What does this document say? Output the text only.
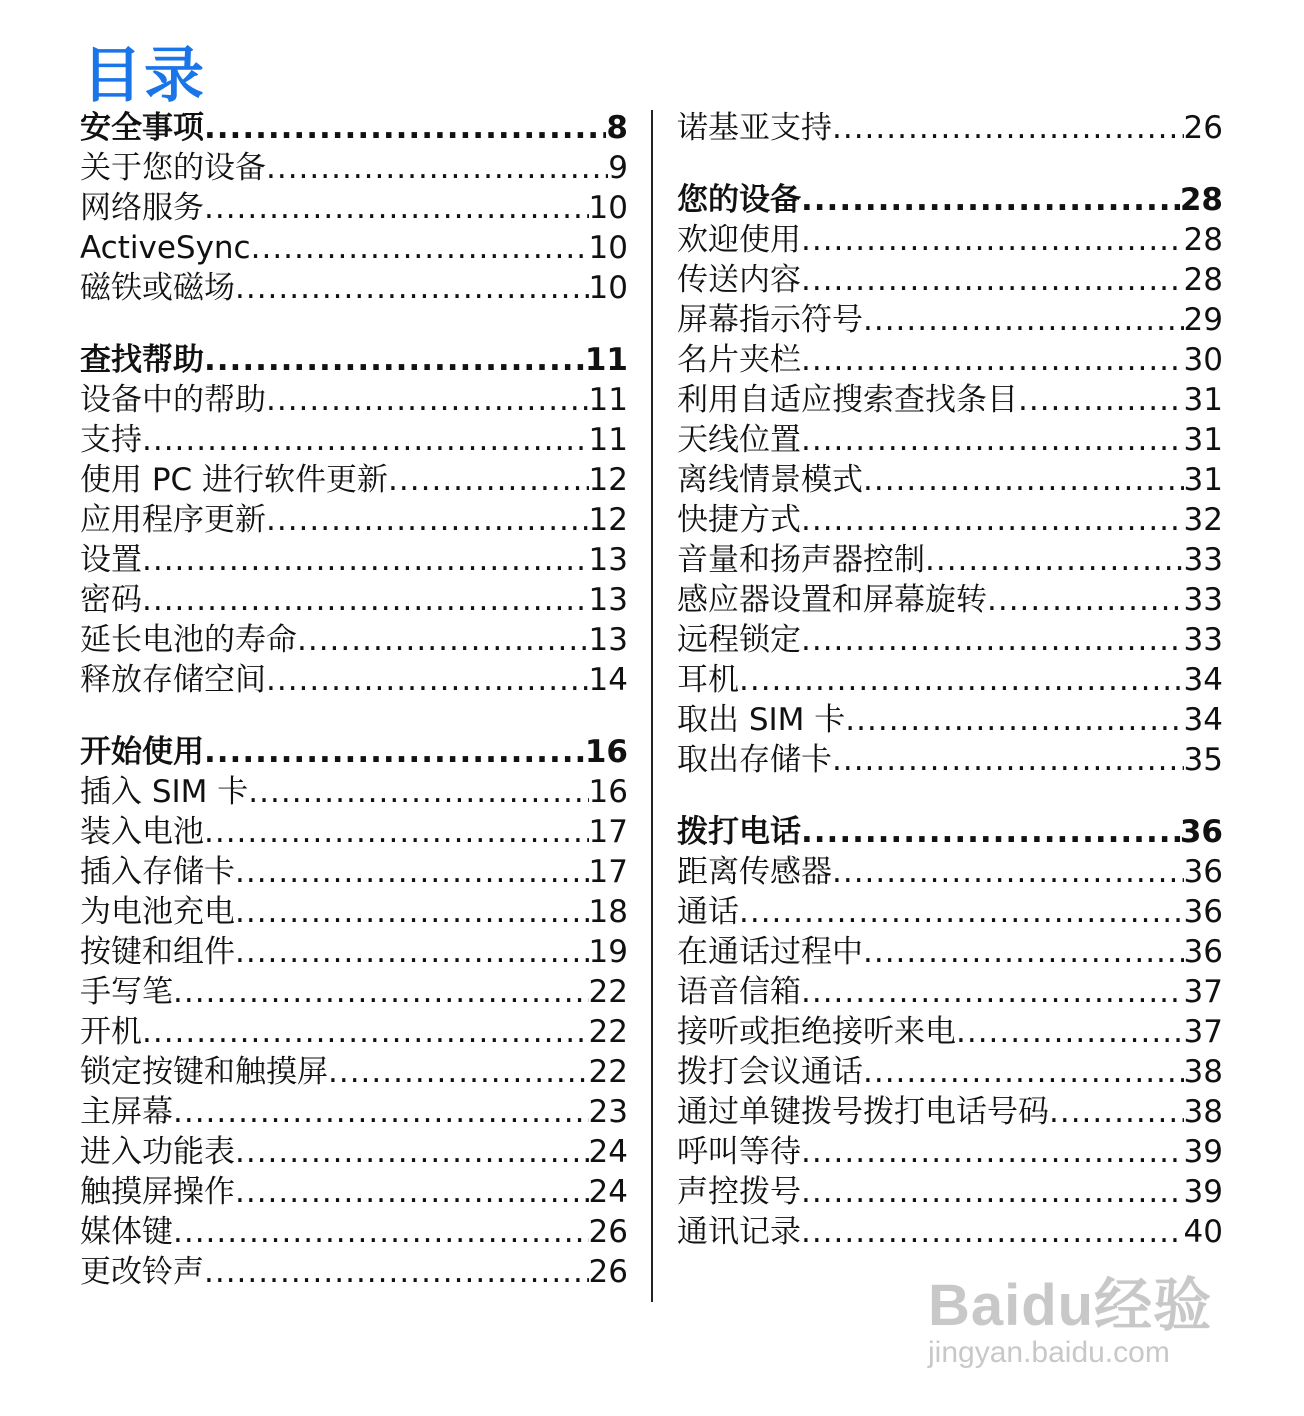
目录
安全事项 .....	8
关于您的设备 .....	9
网络服务 .....	10
ActiveSync .....	10
磁铁或磁场 .....	10
查找帮助 .....	11
设备中的帮助 .....	11
支持 .....	11
使用 PC 进行软件更新 .....	12
应用程序更新 .....	12
设置 .....	13
密码 .....	13
延长电池的寿命 .....	13
释放存储空间 .....	14
开始使用 .....	16
插入 SIM 卡 .....	16
装入电池 .....	17
插入存储卡 .....	17
为电池充电 .....	18
按键和组件 .....	19
手写笔 .....	22
开机 .....	22
锁定按键和触摸屏 .....	22
主屏幕 .....	23
进入功能表 .....	24
触摸屏操作 .....	24
媒体键 .....	26
更改铃声 .....	26
诺基亚支持 .....	26
您的设备 .....	28
欢迎使用 .....	28
传送内容 .....	28
屏幕指示符号 .....	29
名片夹栏 .....	30
利用自适应搜索查找条目 .....	31
天线位置 .....	31
离线情景模式 .....	31
快捷方式 .....	32
音量和扬声器控制 .....	33
感应器设置和屏幕旋转 .....	33
远程锁定 .....	33
耳机 .....	34
取出 SIM 卡 .....	34
取出存储卡 .....	35
拨打电话 .....	36
距离传感器 .....	36
通话 .....	36
在通话过程中 .....	36
语音信箱 .....	37
接听或拒绝接听来电 .....	37
拨打会议通话 .....	38
通过单键拨号拨打电话号码 .....	38
呼叫等待 .....	39
声控拨号 .....	39
通讯记录 .....	40
Baidu经验
jingyan.baidu.com
